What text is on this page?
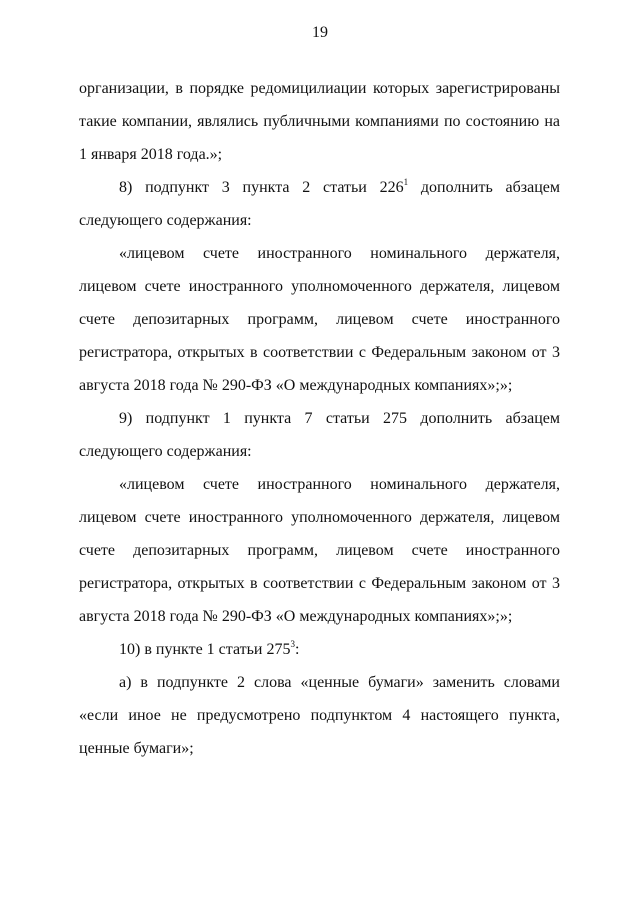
19

организации, в порядке редомицилиации которых зарегистрированы такие компании, являлись публичными компаниями по состоянию на 1 января 2018 года.»;

8) подпункт 3 пункта 2 статьи $226^1$ дополнить абзацем следующего содержания:

«лицевом счете иностранного номинального держателя, лицевом счете иностранного уполномоченного держателя, лицевом счете депозитарных программ, лицевом счете иностранного регистратора, открытых в соответствии с Федеральным законом от 3 августа 2018 года № 290-ФЗ «О международных компаниях»;»;

9) подпункт 1 пункта 7 статьи 275 дополнить абзацем следующего содержания:

«лицевом счете иностранного номинального держателя, лицевом счете иностранного уполномоченного держателя, лицевом счете депозитарных программ, лицевом счете иностранного регистратора, открытых в соответствии с Федеральным законом от 3 августа 2018 года № 290-ФЗ «О международных компаниях»;»;

10) в пункте 1 статьи $275^3$:

а) в подпункте 2 слова «ценные бумаги» заменить словами «если иное не предусмотрено подпунктом 4 настоящего пункта, ценные бумаги»;
